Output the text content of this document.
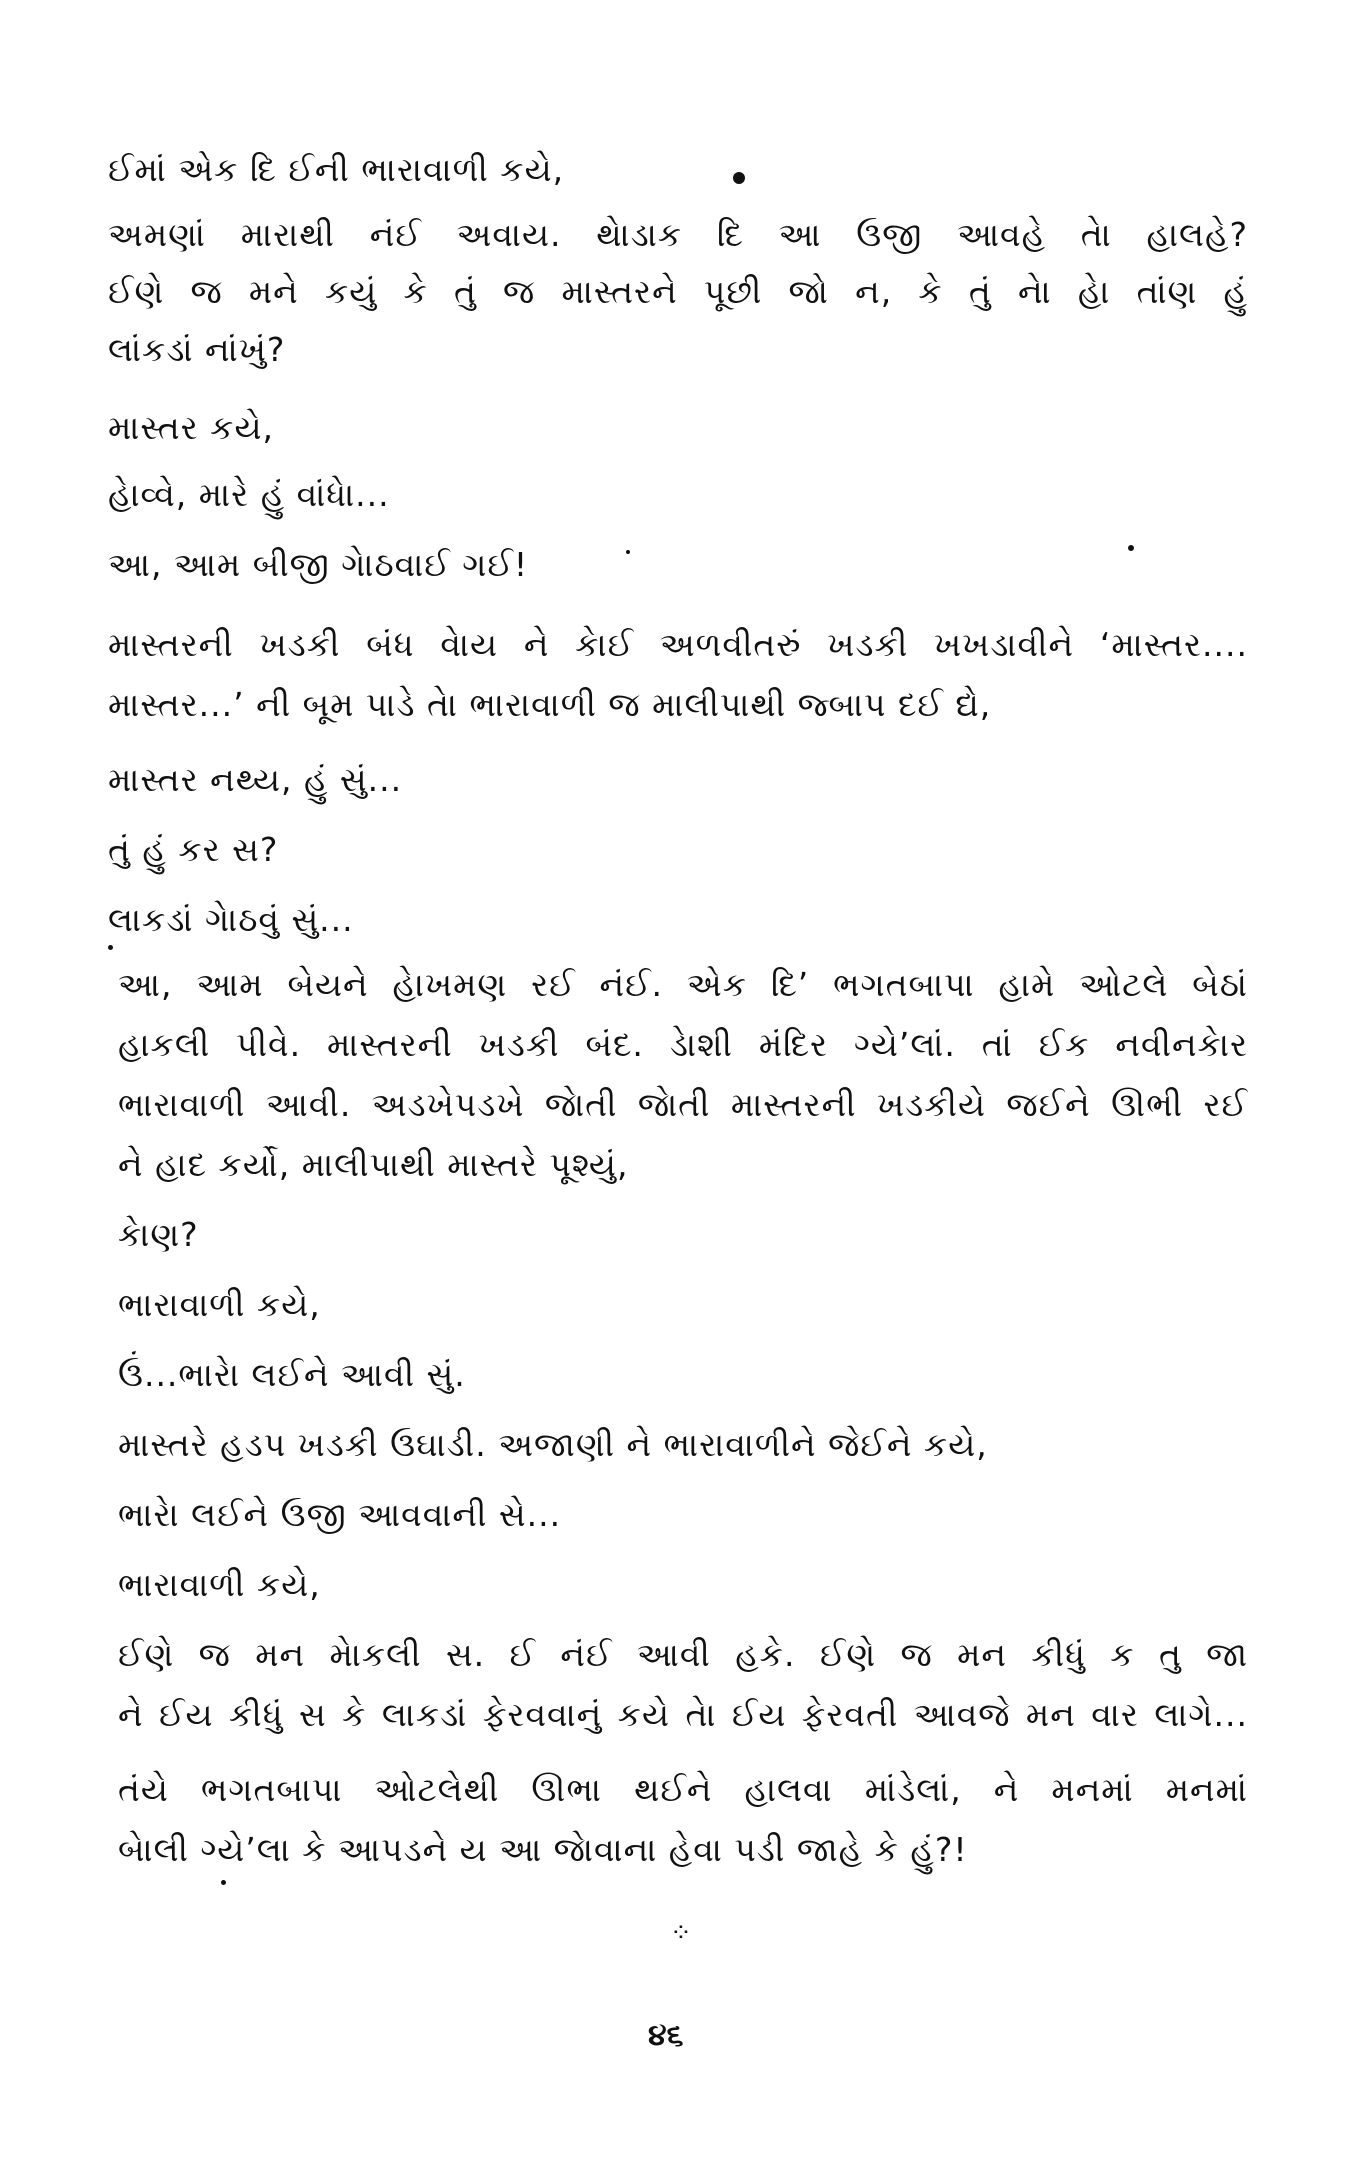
ઈમાં એક દિ ઈની ભારાવાળી કયે,
અમણાં મારાથી નંઈ અવાય. થેાડાક દિ આ ઉજી આવહે તેા હાલહે?
ઈણે જ મને કયું કે તું જ માસ્તરને પૂછી જો ન, કે તું નેા હેા તાંણ હું
લાંકડાં નાંખું?
માસ્તર કયે,
હેાવ્વે, મારે હું વાંધેા...
આ, આમ બીજી ગેાઠવાઈ ગઈ!
માસ્તરની ખડકી બંધ વેાય ને કેાઈ અળવીતરું ખડકી ખખડાવીને ‘માસ્તર....
માસ્તર...’ ની બૂમ પાડે તેા ભારાવાળી જ માલીપાથી જ્બાપ દઈ દ્યે,
માસ્તર નથ્ય, હું સું...
તું હું કર સ?
લાકડાં ગેાઠવું સું...
આ, આમ બેયને હેાખમણ રઈ નંઈ. એક દિ’ ભગતબાપા હામે ઓટલે બેઠાં
હાકલી પીવે. માસ્તરની ખડકી બંદ. ડેાશી મંદિર ગ્યે’લાં. તાં ઈક નવીનકેાર
ભારાવાળી આવી. અડખેપડખે જેાતી જેાતી માસ્તરની ખડકીયે જઈને ઊભી રઈ
ને હાદ કર્યો, માલીપાથી માસ્તરે પૂશ્યું,
કેાણ?
ભારાવાળી કયે,
ઉં...ભારેા લઈને આવી સું.
માસ્તરે હડપ ખડકી ઉઘાડી. અજાણી ને ભારાવાળીને જેઈને કયે,
ભારેા લઈને ઉજી આવવાની સે...
ભારાવાળી કયે,
ઈણે જ મન મેાકલી સ. ઈ નંઈ આવી હકે. ઈણે જ મન કીધું ક તુ જા
ને ઈય કીધું સ કે લાકડાં ફેરવવાનું કયે તેા ઈય ફેરવતી આવજે મન વાર લાગે...
તંયે ભગતબાપા ઓટલેથી ઊભા થઈને હાલવા માંડેલાં, ને મનમાં મનમાં
બેાલી ગ્યે’લા કે આપડને ય આ જેાવાના હેવા પડી જાહે કે હું?!
⁘
૪૬
